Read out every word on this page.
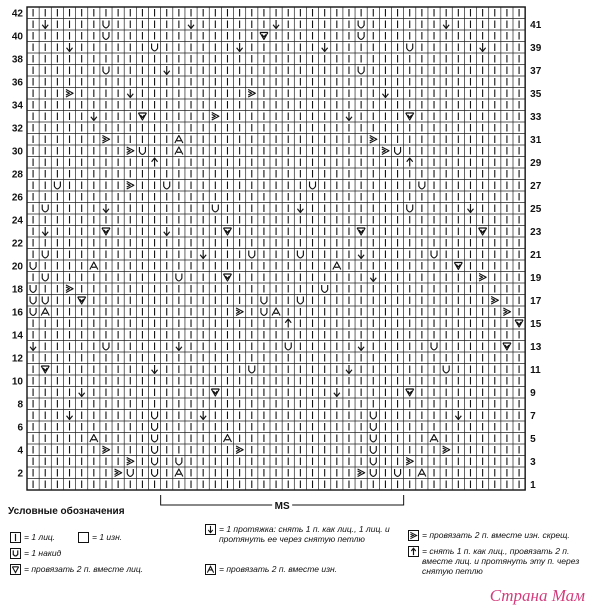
41
39
37
35
33
31
29
27
25
23
21
19
17
15
13
11
9
7
5
3
1
42
40
38
36
34
32
30
28
26
24
22
20
18
16
14
12
10
8
6
4
2
MS
Условные обозначения
= 1 лиц.	= 1 изн.
= 1 накид
= провязать 2 п. вместе лиц.
= 1 протяжка: снять 1 п. как лиц., 1 лиц. и протянуть ее через снятую петлю
= провязать 2 п. вместе изн.
= провязать 2 п. вместе изн. скрещ.
= снять 1 п. как лиц., провязать 2 п. вместе лиц. и протянуть эту п. через снятую петлю
Страна Мам
